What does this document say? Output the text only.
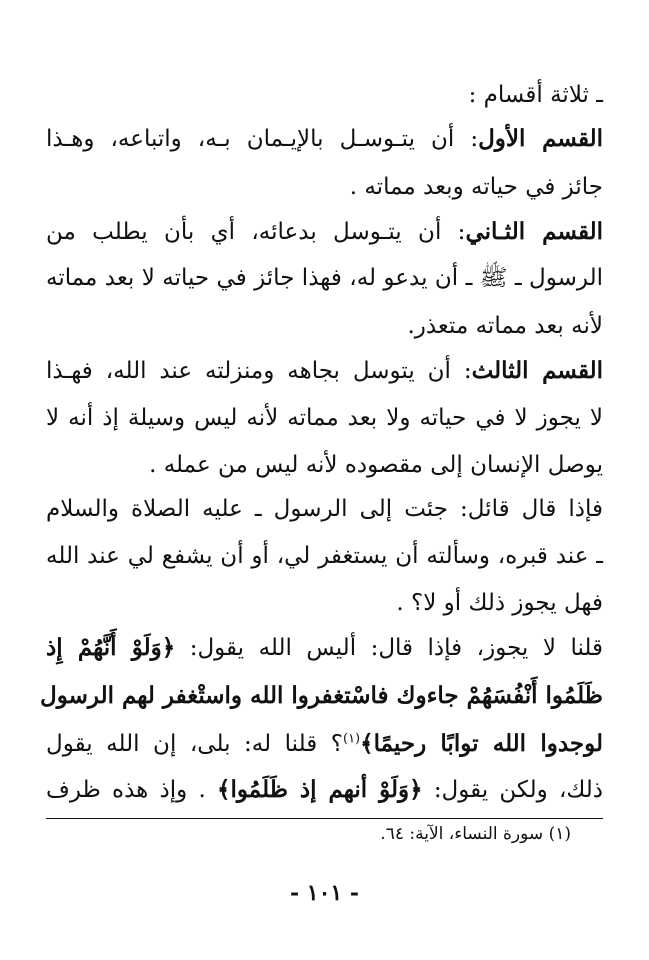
ـ ثلاثة أقسام :
القسم الأول: أن يتـوسـل بالإيـمان بـه، واتباعه، وهـذا
جائز في حياته وبعد مماته .
القسم الثـاني: أن يتـوسل بدعائه، أي بأن يطلب من
الرسول ـ ﷺ ـ أن يدعو له، فهذا جائز في حياته لا بعد مماته
لأنه بعد مماته متعذر.
القسم الثالث: أن يتوسل بجاهه ومنزلته عند الله، فهـذا
لا يجوز لا في حياته ولا بعد مماته لأنه ليس وسيلة إذ أنه لا
يوصل الإنسان إلى مقصوده لأنه ليس من عمله .
فإذا قال قائل: جئت إلى الرسول ـ عليه الصلاة والسلام
ـ عند قبره، وسألته أن يستغفر لي، أو أن يشفع لي عند الله
فهل يجوز ذلك أو لا؟ .
قلنا لا يجوز، فإذا قال: أليس الله يقول: ﴿وَلَوْ أَنَّهُمْ إِذ
ظَلَمُوا أَنْفُسَهُمْ جاءوك فاسْتغفروا الله واستْغفر لهم الرسول
لوجدوا الله توابًا رحيمًا﴾$^{(١)}$؟ قلنا له: بلى، إن الله يقول
ذلك، ولكن يقول: ﴿وَلَوْ أنهم إذ ظَلَمُوا﴾ . وإذ هذه ظرف
(١) سورة النساء، الآية: ٦٤.
- ١٠١ -
